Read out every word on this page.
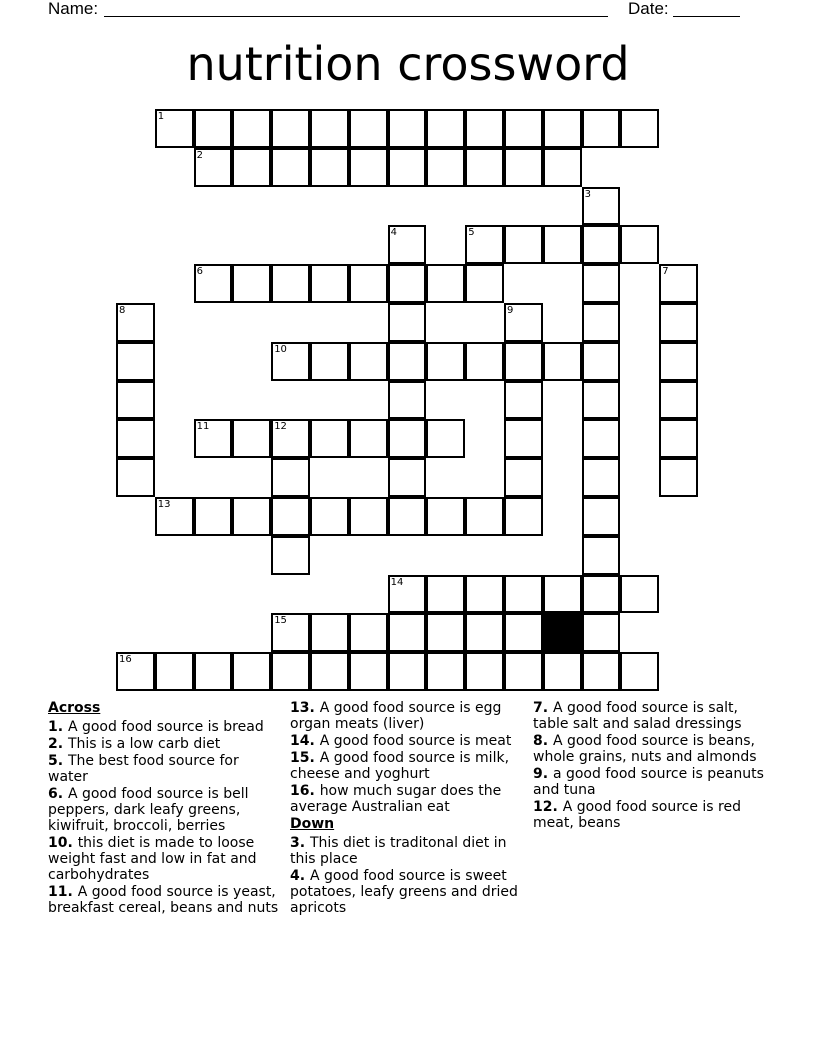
Name:	Date:
nutrition crossword
1
2
3
4	5
6	7
8	9
10
11	12
13
14
15
16
Across
1. A good food source is bread
2. This is a low carb diet
5. The best food source for water
6. A good food source is bell peppers, dark leafy greens, kiwifruit, broccoli, berries
10. this diet is made to loose weight fast and low in fat and carbohydrates
11. A good food source is yeast, breakfast cereal, beans and nuts
13. A good food source is egg organ meats (liver)
14. A good food source is meat
15. A good food source is milk, cheese and yoghurt
16. how much sugar does the average Australian eat
Down
3. This diet is traditonal diet in this place
4. A good food source is sweet potatoes, leafy greens and dried apricots
7. A good food source is salt, table salt and salad dressings
8. A good food source is beans, whole grains, nuts and almonds
9. a good food source is peanuts and tuna
12. A good food source is red meat, beans
